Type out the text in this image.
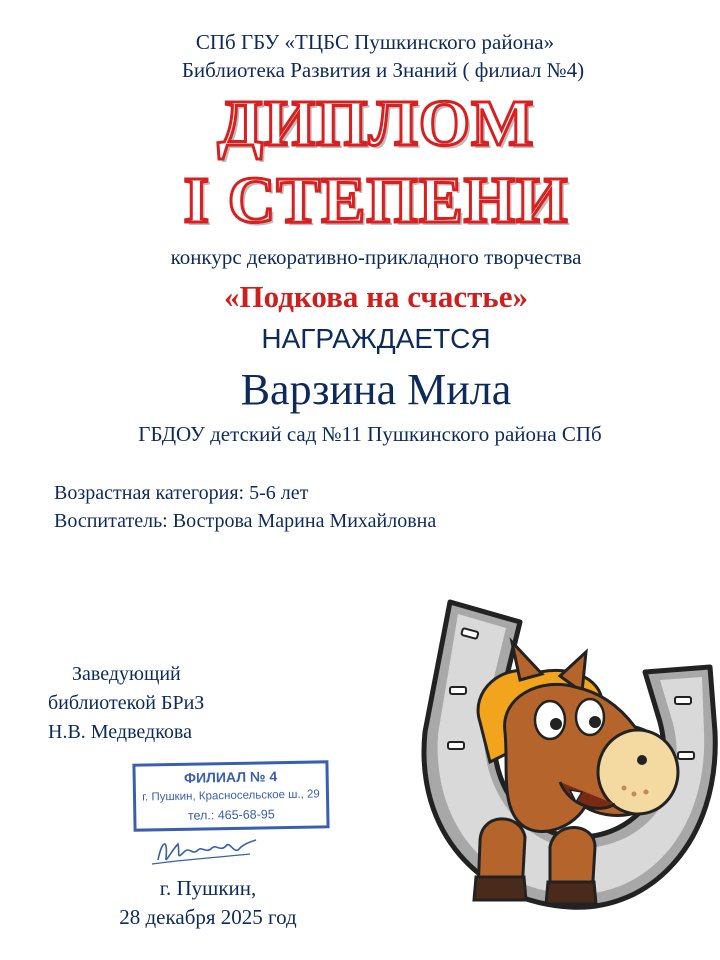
СПб ГБУ «ТЦБС Пушкинского района»
Библиотека Развития и Знаний ( филиал №4)
ДИПЛОМ
I СТЕПЕНИ
конкурс декоративно-прикладного творчества
«Подкова на счастье»
НАГРАЖДАЕТСЯ
Варзина Мила
ГБДОУ детский сад №11 Пушкинского района СПб
Возрастная категория: 5-6 лет
Воспитатель: Вострова Марина Михайловна
Заведующий
библиотекой БРиЗ
Н.В. Медведкова
ФИЛИАЛ № 4
г. Пушкин, Красносельское ш., 29
тел.: 465-68-95
г. Пушкин,
28 декабря 2025 год
